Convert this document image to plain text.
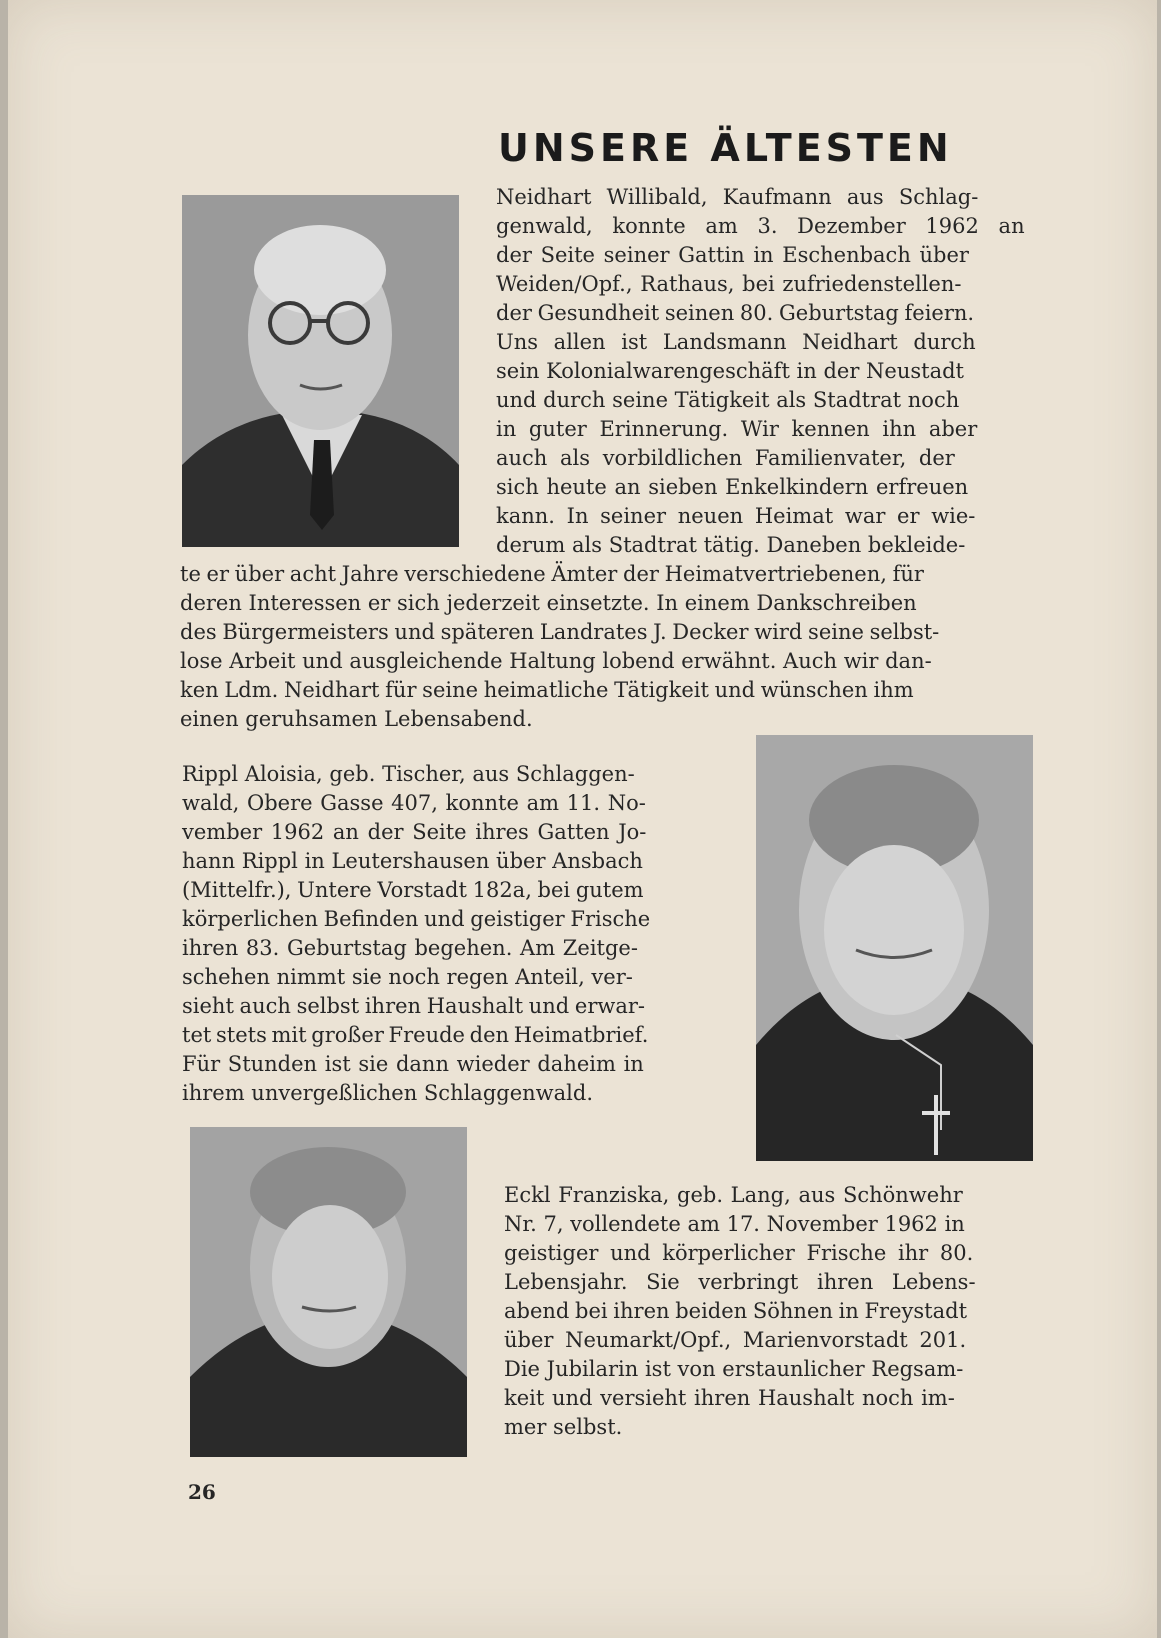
UNSERE ÄLTESTEN

Neidhart Willibald, Kaufmann aus Schlag-

genwald, konnte am 3. Dezember 1962 an

der Seite seiner Gattin in Eschenbach über

Weiden/Opf., Rathaus, bei zufriedenstellen-

der Gesundheit seinen 80. Geburtstag feiern.

Uns allen ist Landsmann Neidhart durch

sein Kolonialwarengeschäft in der Neustadt

und durch seine Tätigkeit als Stadtrat noch

in guter Erinnerung. Wir kennen ihn aber

auch als vorbildlichen Familienvater, der

sich heute an sieben Enkelkindern erfreuen

kann. In seiner neuen Heimat war er wie-

derum als Stadtrat tätig. Daneben bekleide-

te er über acht Jahre verschiedene Ämter der Heimatvertriebenen, für

deren Interessen er sich jederzeit einsetzte. In einem Dankschreiben

des Bürgermeisters und späteren Landrates J. Decker wird seine selbst-

lose Arbeit und ausgleichende Haltung lobend erwähnt. Auch wir dan-

ken Ldm. Neidhart für seine heimatliche Tätigkeit und wünschen ihm

einen geruhsamen Lebensabend.

Rippl Aloisia, geb. Tischer, aus Schlaggen-

wald, Obere Gasse 407, konnte am 11. No-

vember 1962 an der Seite ihres Gatten Jo-

hann Rippl in Leutershausen über Ansbach

(Mittelfr.), Untere Vorstadt 182a, bei gutem

körperlichen Befinden und geistiger Frische

ihren 83. Geburtstag begehen. Am Zeitge-

schehen nimmt sie noch regen Anteil, ver-

sieht auch selbst ihren Haushalt und erwar-

tet stets mit großer Freude den Heimatbrief.

Für Stunden ist sie dann wieder daheim in

ihrem unvergeßlichen Schlaggenwald.

Eckl Franziska, geb. Lang, aus Schönwehr

Nr. 7, vollendete am 17. November 1962 in

geistiger und körperlicher Frische ihr 80.

Lebensjahr. Sie verbringt ihren Lebens-

abend bei ihren beiden Söhnen in Freystadt

über Neumarkt/Opf., Marienvorstadt 201.

Die Jubilarin ist von erstaunlicher Regsam-

keit und versieht ihren Haushalt noch im-

mer selbst.

26
